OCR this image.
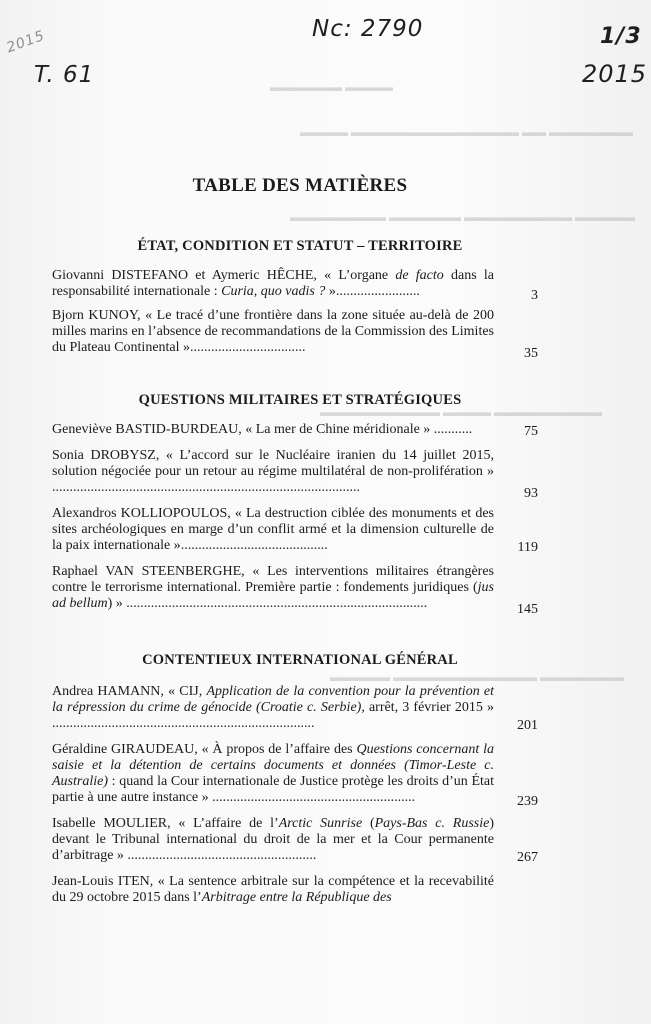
▬▬▬▬ ▬▬▬▬▬▬
▬▬▬▬▬▬▬ ▬▬ ▬▬▬▬▬▬▬▬▬▬▬▬▬▬ ▬▬▬▬
▬▬▬▬▬ ▬▬▬▬▬▬▬▬▬ ▬▬▬▬▬▬ ▬▬▬▬▬▬▬▬
▬▬▬▬▬▬▬▬▬ ▬▬▬▬ ▬▬▬▬▬▬▬▬▬▬
▬▬▬▬▬▬▬ ▬▬▬▬▬▬▬▬▬▬▬▬ ▬▬▬▬▬
Nc: 2790	1/3
2015
T. 61
2015
TABLE DES MATIÈRES
ÉTAT, CONDITION ET STATUT – TERRITOIRE
Giovanni DISTEFANO et Aymeric HÊCHE, « L’organe de facto dans la responsabilité internationale : Curia, quo vadis ? »........................	3
Bjorn KUNOY, « Le tracé d’une frontière dans la zone située au-delà de 200 milles marins en l’absence de recommandations de la Commission des Limites du Plateau Continental ».................................	35
QUESTIONS MILITAIRES ET STRATÉGIQUES
Geneviève BASTID-BURDEAU, « La mer de Chine méridionale » ...........	75
Sonia DROBYSZ, « L’accord sur le Nucléaire iranien du 14 juillet 2015, solution négociée pour un retour au régime multilatéral de non-prolifération » ........................................................................................	93
Alexandros KOLLIOPOULOS, « La destruction ciblée des monuments et des sites archéologiques en marge d’un conflit armé et la dimension culturelle de la paix internationale »..........................................	119
Raphael VAN STEENBERGHE, « Les interventions militaires étrangères contre le terrorisme international. Première partie : fondements juridiques (jus ad bellum) » ......................................................................................	145
CONTENTIEUX INTERNATIONAL GÉNÉRAL
Andrea HAMANN, « CIJ, Application de la convention pour la prévention et la répression du crime de génocide (Croatie c. Serbie), arrêt, 3 février 2015 » ...........................................................................	201
Géraldine GIRAUDEAU, « À propos de l’affaire des Questions concernant la saisie et la détention de certains documents et données (Timor-Leste c. Australie) : quand la Cour internationale de Justice protège les droits d’un État partie à une autre instance » ..........................................................	239
Isabelle MOULIER, « L’affaire de l’Arctic Sunrise (Pays-Bas c. Russie) devant le Tribunal international du droit de la mer et la Cour permanente d’arbitrage » ......................................................	267
Jean-Louis ITEN, « La sentence arbitrale sur la compétence et la recevabilité du 29 octobre 2015 dans l’Arbitrage entre la République des
